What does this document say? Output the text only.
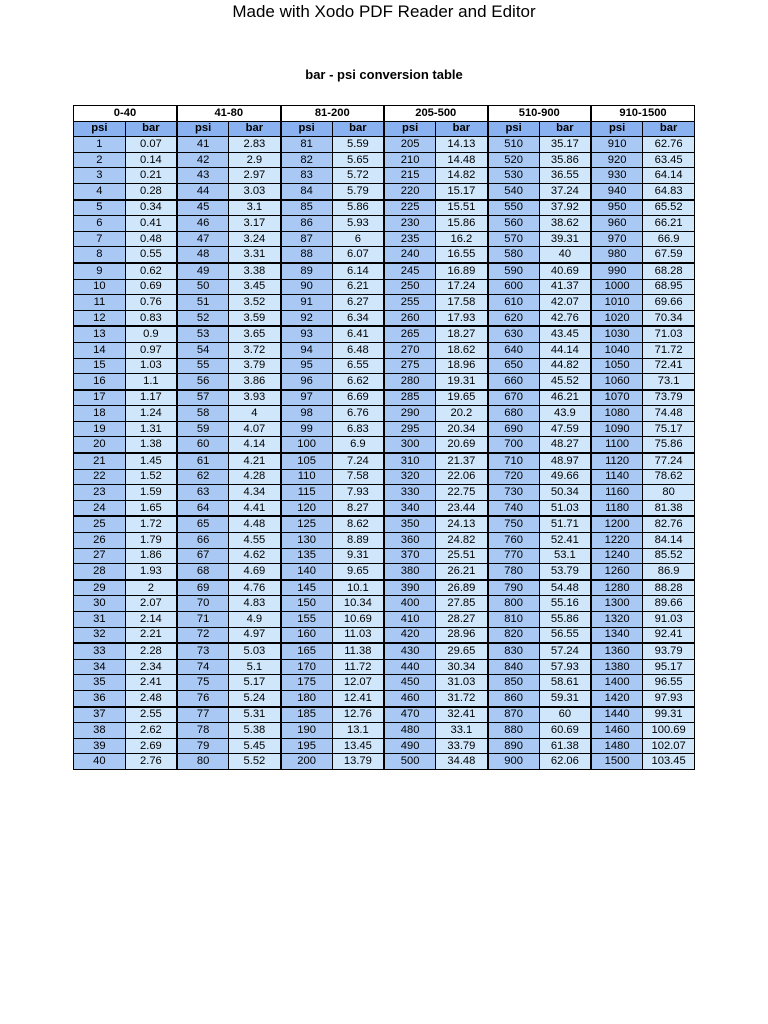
Made with Xodo PDF Reader and Editor
bar - psi conversion table
0-40		41-80		81-200		205-500		510-900		910-1500	
psi	bar	psi	bar	psi	bar	psi	bar	psi	bar	psi	bar
1	0.07	41	2.83	81	5.59	205	14.13	510	35.17	910	62.76
2	0.14	42	2.9	82	5.65	210	14.48	520	35.86	920	63.45
3	0.21	43	2.97	83	5.72	215	14.82	530	36.55	930	64.14
4	0.28	44	3.03	84	5.79	220	15.17	540	37.24	940	64.83
5	0.34	45	3.1	85	5.86	225	15.51	550	37.92	950	65.52
6	0.41	46	3.17	86	5.93	230	15.86	560	38.62	960	66.21
7	0.48	47	3.24	87	6	235	16.2	570	39.31	970	66.9
8	0.55	48	3.31	88	6.07	240	16.55	580	40	980	67.59
9	0.62	49	3.38	89	6.14	245	16.89	590	40.69	990	68.28
10	0.69	50	3.45	90	6.21	250	17.24	600	41.37	1000	68.95
11	0.76	51	3.52	91	6.27	255	17.58	610	42.07	1010	69.66
12	0.83	52	3.59	92	6.34	260	17.93	620	42.76	1020	70.34
13	0.9	53	3.65	93	6.41	265	18.27	630	43.45	1030	71.03
14	0.97	54	3.72	94	6.48	270	18.62	640	44.14	1040	71.72
15	1.03	55	3.79	95	6.55	275	18.96	650	44.82	1050	72.41
16	1.1	56	3.86	96	6.62	280	19.31	660	45.52	1060	73.1
17	1.17	57	3.93	97	6.69	285	19.65	670	46.21	1070	73.79
18	1.24	58	4	98	6.76	290	20.2	680	43.9	1080	74.48
19	1.31	59	4.07	99	6.83	295	20.34	690	47.59	1090	75.17
20	1.38	60	4.14	100	6.9	300	20.69	700	48.27	1100	75.86
21	1.45	61	4.21	105	7.24	310	21.37	710	48.97	1120	77.24
22	1.52	62	4.28	110	7.58	320	22.06	720	49.66	1140	78.62
23	1.59	63	4.34	115	7.93	330	22.75	730	50.34	1160	80
24	1.65	64	4.41	120	8.27	340	23.44	740	51.03	1180	81.38
25	1.72	65	4.48	125	8.62	350	24.13	750	51.71	1200	82.76
26	1.79	66	4.55	130	8.89	360	24.82	760	52.41	1220	84.14
27	1.86	67	4.62	135	9.31	370	25.51	770	53.1	1240	85.52
28	1.93	68	4.69	140	9.65	380	26.21	780	53.79	1260	86.9
29	2	69	4.76	145	10.1	390	26.89	790	54.48	1280	88.28
30	2.07	70	4.83	150	10.34	400	27.85	800	55.16	1300	89.66
31	2.14	71	4.9	155	10.69	410	28.27	810	55.86	1320	91.03
32	2.21	72	4.97	160	11.03	420	28.96	820	56.55	1340	92.41
33	2.28	73	5.03	165	11.38	430	29.65	830	57.24	1360	93.79
34	2.34	74	5.1	170	11.72	440	30.34	840	57.93	1380	95.17
35	2.41	75	5.17	175	12.07	450	31.03	850	58.61	1400	96.55
36	2.48	76	5.24	180	12.41	460	31.72	860	59.31	1420	97.93
37	2.55	77	5.31	185	12.76	470	32.41	870	60	1440	99.31
38	2.62	78	5.38	190	13.1	480	33.1	880	60.69	1460	100.69
39	2.69	79	5.45	195	13.45	490	33.79	890	61.38	1480	102.07
40	2.76	80	5.52	200	13.79	500	34.48	900	62.06	1500	103.45
